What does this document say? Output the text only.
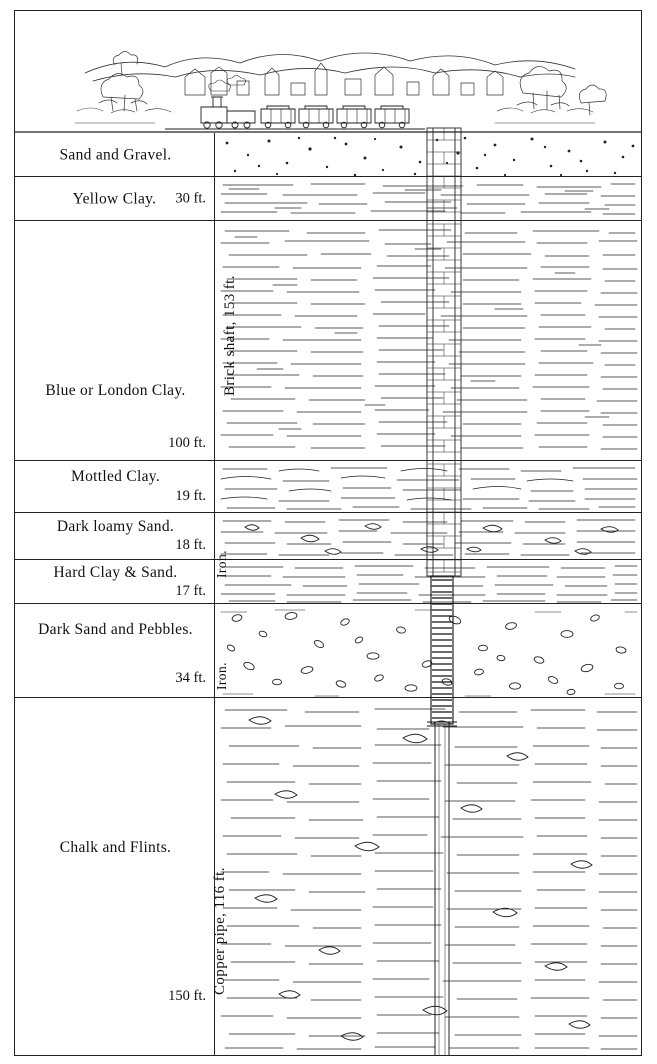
Sand and Gravel.
Yellow Clay.	30 ft.
Blue or London Clay.
100 ft.
Mottled Clay.
19 ft.
Dark loamy Sand.
18 ft.
Hard Clay & Sand.
17 ft.
Dark Sand and Pebbles.
34 ft.
Chalk and Flints.
150 ft.
Brick shaft, 153 ft.
Iron.
Iron.
Copper pipe, 116 ft.
